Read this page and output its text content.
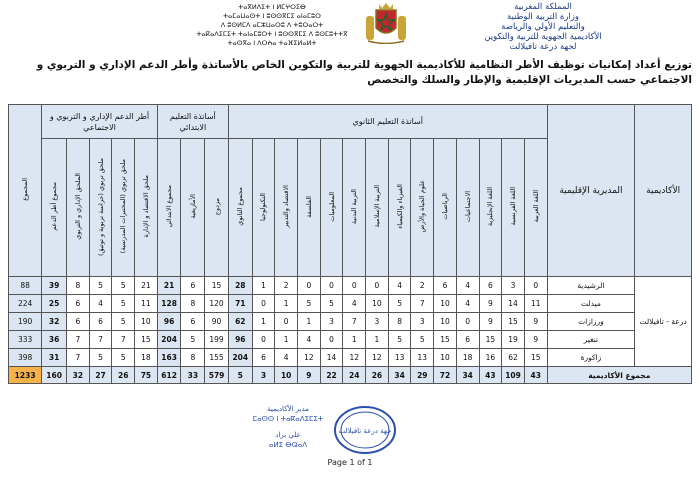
ⵜⴰⴳⵍⴷⵉⵜ ⵏ ⵍⵎⵖⵔⵉⴱ
ⵜⴰⵎⴰⵡⴰⵙⵜ ⵏ ⵓⵙⵙⴳⵎⵉ ⴰⵏⴰⵎⵓⵔ
ⴷ ⵓⵙⵍⵎⴷ ⴰⵎⵣⵡⴰⵔⵓ ⴷ ⵜⵓⵔⴰⵔⵜ
ⵜⴰⴽⴰⴷⵉⵎⵉⵜ ⵜⴰⵏⴰⵎⵓⵔⵜ ⵏ ⵓⵙⵙⴳⵎⵉ ⴷ ⵓⵙⵎⵓⵜⵜⴳ
ⵜⴰⵙⴳⴰ ⵏ ⴷⵔⵄⴰ ⵜⴰⴼⵉⵍⴰⵍⵜ
المملكة المغربية
وزارة التربية الوطنية
والتعليم الأولي والرياضة
الأكاديمية الجهوية للتربية والتكوين
لجهة درعة تافيلالت
توزيع أعداد إمكانيات توظيف الأطر النظامية للأكاديمية الجهوية للتربية والتكوين الخاص بالأساتذة وأطر الدعم الإداري و التربوي و الاجتماعي حسب المديريات الإقليمية والإطار والسلك والتخصص
الأكاديمية	المديرية الإقليمية	أساتذة التعليم الثانوي														أساتذة التعليم الابتدائي			أطر الدعم الإداري و التربوي و الاجتماعي					المجموع
		اللغة العربية	اللغة الفرنسية	اللغة الإنجليزية	الاجتماعيات	الرياضيات	علوم الحياة والأرض	الفيزياء والكيمياء	التربية الإسلامية	التربية البدنية	المعلوميات	الفلسفة	الاقتصاد والتدبير	التكنولوجيا	مجموع الثانوي	مزدوج	الأمازيغية	مجموع الابتدائي	ملحق الاقتصاد و الإدارة	ملحق تربوي (المختبرات المدرسية)	ملحق تربوي (حراسة تربوية و توثيق)	الملحق الإداري و التربوي	مجموع أطر الدعم	
درعة - تافيلالت	الرشيدية	0	3	6	4	6	2	4	0	0	0	0	2	1	28	15	6	21	21	5	5	8	39	88
	ميدلت	11	14	9	4	10	7	5	10	4	5	5	1	0	71	120	8	128	11	5	4	6	25	224
	ورزازات	9	15	9	0	10	3	8	3	7	3	1	0	1	62	90	6	96	10	5	6	6	32	190
	تنغير	9	19	15	6	15	5	5	1	1	0	4	1	0	96	199	5	204	15	7	7	7	36	333
	زاكورة	15	62	16	18	10	13	13	12	12	14	12	4	6	204	155	8	163	18	5	5	7	31	398
مجموع الأكاديمية		43	109	43	34	72	29	34	26	24	22	9	10	3	5	579	33	612	75	26	27	32	160	1233
مدير الأكاديمية
ⵎⴰⵙⵙ ⵏ ⵜⴰⴽⴰⴷⵉⵎⵉⵜ
علي براد
ⴰⵍⵉ ⴱⵕⴰⴷ
جهة درعة تافيلالت
Page 1 of 1
